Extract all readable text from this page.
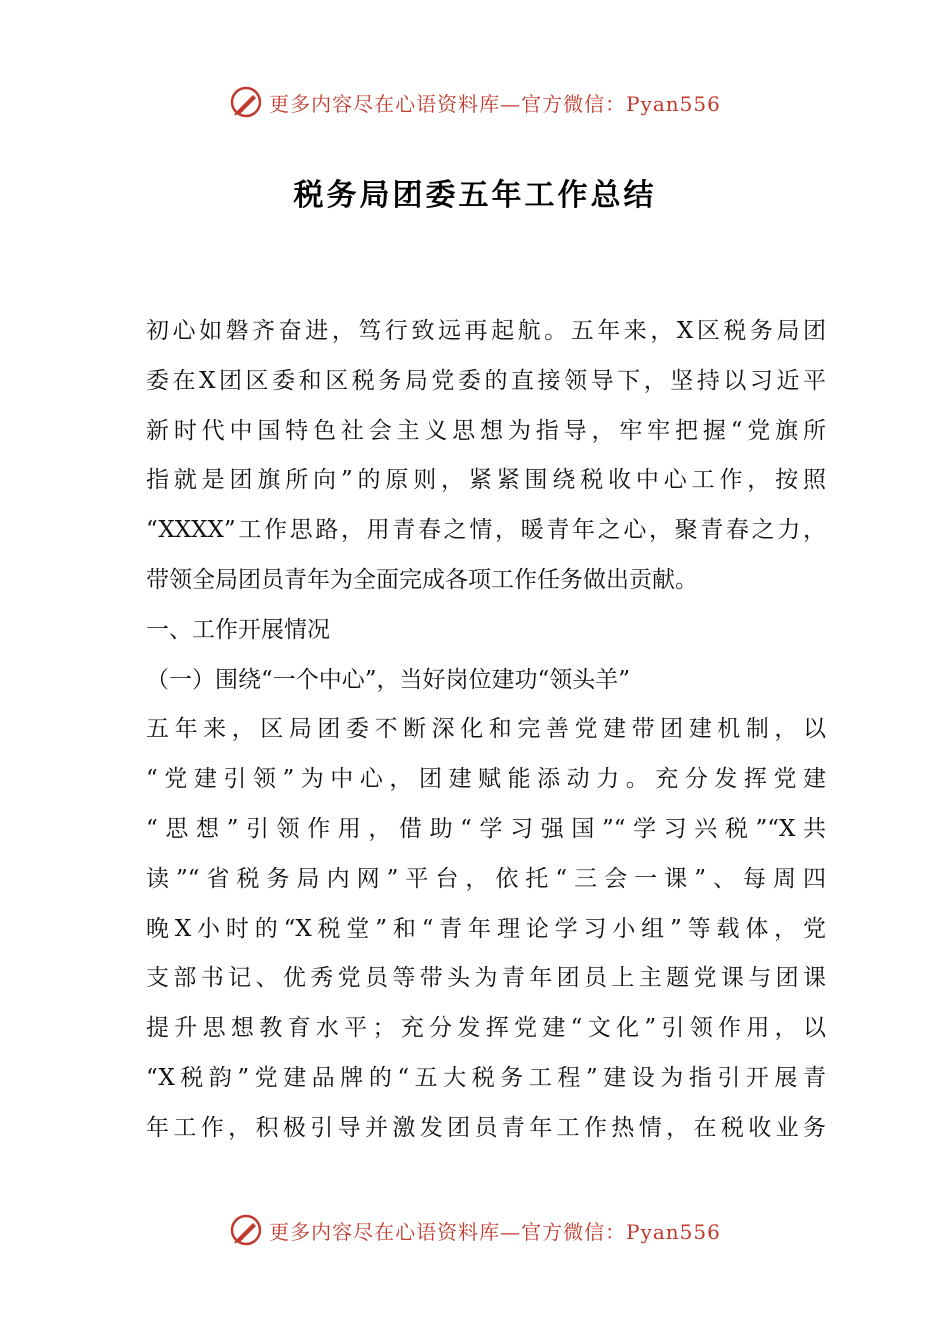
更多内容尽在心语资料库—官方微信：Pyan556
税务局团委五年工作总结
初心如磐齐奋进，笃行致远再起航。五年来，X区税务局团
委在X团区委和区税务局党委的直接领导下，坚持以习近平
新时代中国特色社会主义思想为指导，牢牢把握“党旗所
指就是团旗所向”的原则，紧紧围绕税收中心工作，按照
“XXXX”工作思路，用青春之情，暖青年之心，聚青春之力，
带领全局团员青年为全面完成各项工作任务做出贡献。
一、工作开展情况
（一）围绕“一个中心”，当好岗位建功“领头羊”
五年来，区局团委不断深化和完善党建带团建机制，以
“党建引领”为中心，团建赋能添动力。充分发挥党建
“思想”引领作用，借助“学习强国”“学习兴税”“X共
读”“省税务局内网”平台，依托“三会一课”、每周四
晚X小时的“X税堂”和“青年理论学习小组”等载体，党
支部书记、优秀党员等带头为青年团员上主题党课与团课
提升思想教育水平；充分发挥党建“文化”引领作用，以
“X税韵”党建品牌的“五大税务工程”建设为指引开展青
年工作，积极引导并激发团员青年工作热情，在税收业务
更多内容尽在心语资料库—官方微信：Pyan556
